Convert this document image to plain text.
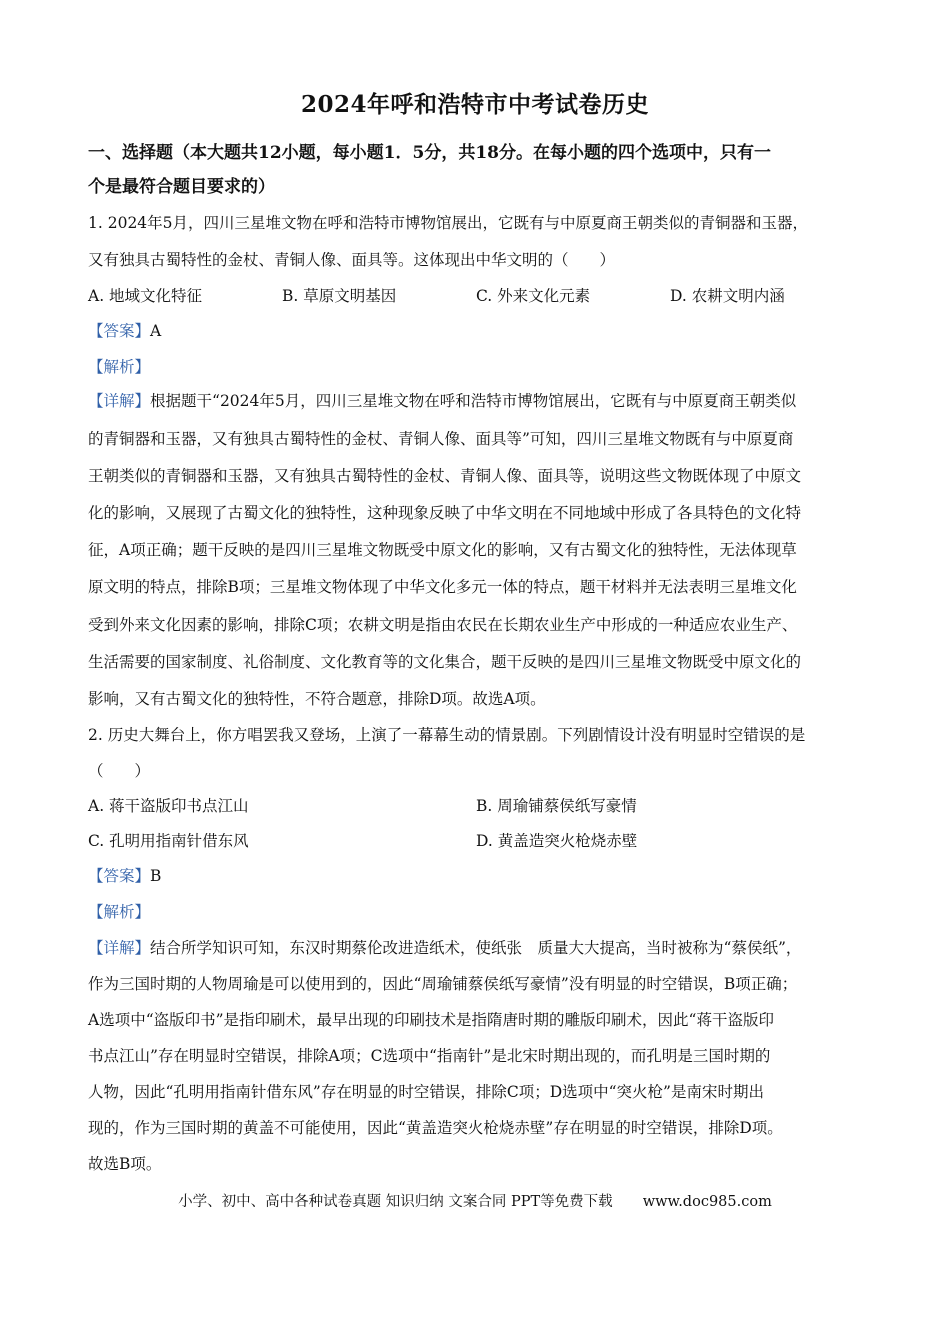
2024年呼和浩特市中考试卷历史
一、选择题（本大题共12小题，每小题1．5分，共18分。在每小题的四个选项中，只有一
个是最符合题目要求的）
1. 2024年5月，四川三星堆文物在呼和浩特市博物馆展出，它既有与中原夏商王朝类似的青铜器和玉器，
又有独具古蜀特性的金杖、青铜人像、面具等。这体现出中华文明的（　　）
A. 地域文化特征	B. 草原文明基因	C. 外来文化元素	D. 农耕文明内涵
【答案】A
【解析】
【详解】根据题干“2024年5月，四川三星堆文物在呼和浩特市博物馆展出，它既有与中原夏商王朝类似
的青铜器和玉器，又有独具古蜀特性的金杖、青铜人像、面具等”可知，四川三星堆文物既有与中原夏商
王朝类似的青铜器和玉器，又有独具古蜀特性的金杖、青铜人像、面具等，说明这些文物既体现了中原文
化的影响，又展现了古蜀文化的独特性，这种现象反映了中华文明在不同地域中形成了各具特色的文化特
征，A项正确；题干反映的是四川三星堆文物既受中原文化的影响，又有古蜀文化的独特性，无法体现草
原文明的特点，排除B项；三星堆文物体现了中华文化多元一体的特点，题干材料并无法表明三星堆文化
受到外来文化因素的影响，排除C项；农耕文明是指由农民在长期农业生产中形成的一种适应农业生产、
生活需要的国家制度、礼俗制度、文化教育等的文化集合，题干反映的是四川三星堆文物既受中原文化的
影响，又有古蜀文化的独特性，不符合题意，排除D项。故选A项。
2. 历史大舞台上，你方唱罢我又登场，上演了一幕幕生动的情景剧。下列剧情设计没有明显时空错误的是
（　　）
A. 蒋干盗版印书点江山	B. 周瑜铺蔡侯纸写豪情
C. 孔明用指南针借东风	D. 黄盖造突火枪烧赤壁
【答案】B
【解析】
【详解】结合所学知识可知，东汉时期蔡伦改进造纸术，使纸张　质量大大提高，当时被称为“蔡侯纸”，
作为三国时期的人物周瑜是可以使用到的，因此“周瑜铺蔡侯纸写豪情”没有明显的时空错误，B项正确；
A选项中“盗版印书”是指印刷术，最早出现的印刷技术是指隋唐时期的雕版印刷术，因此“蒋干盗版印
书点江山”存在明显时空错误，排除A项；C选项中“指南针”是北宋时期出现的，而孔明是三国时期的
人物，因此“孔明用指南针借东风”存在明显的时空错误，排除C项；D选项中“突火枪”是南宋时期出
现的，作为三国时期的黄盖不可能使用，因此“黄盖造突火枪烧赤壁”存在明显的时空错误，排除D项。
故选B项。
小学、初中、高中各种试卷真题 知识归纳 文案合同 PPT等免费下载 www.doc985.com
